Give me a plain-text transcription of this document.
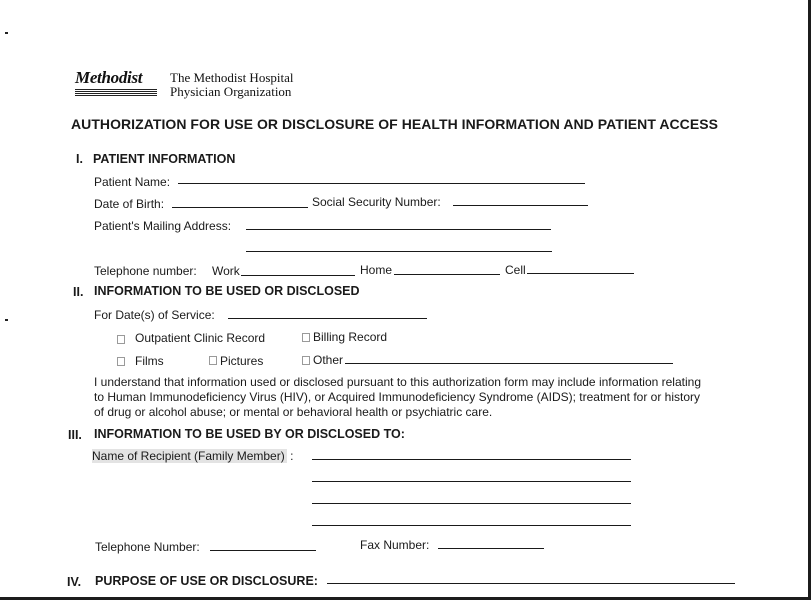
Methodist The Methodist Hospital
Physician Organization
AUTHORIZATION FOR USE OR DISCLOSURE OF HEALTH INFORMATION AND PATIENT ACCESS
I. PATIENT INFORMATION
Patient Name:
Date of Birth:	Social Security Number:
Patient's Mailing Address:
Telephone number: Work	Home	Cell
II. INFORMATION TO BE USED OR DISCLOSED
For Date(s) of Service:
Outpatient Clinic Record	Billing Record
Films	Pictures	Other
I understand that information used or disclosed pursuant to this authorization form may include information relating
to Human Immunodeficiency Virus (HIV), or Acquired Immunodeficiency Syndrome (AIDS); treatment for or history
of drug or alcohol abuse; or mental or behavioral health or psychiatric care.
III. INFORMATION TO BE USED BY OR DISCLOSED TO:
Name of Recipient (Family Member) :
Telephone Number:	Fax Number:
IV. PURPOSE OF USE OR DISCLOSURE:
